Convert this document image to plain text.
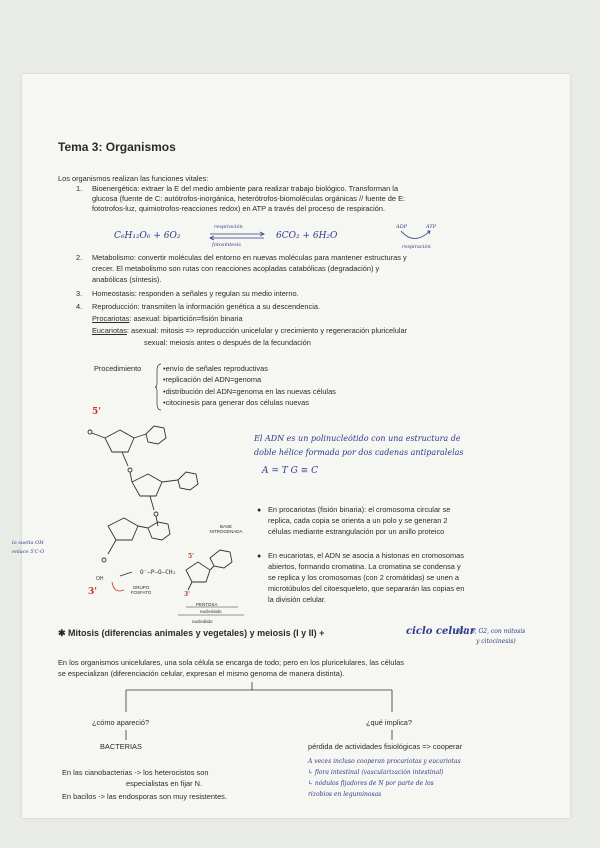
Tema 3: Organismos
Los organismos realizan las funciones vitales:
1. Bioenergética: extraer la E del medio ambiente para realizar trabajo biológico. Transforman la
glucosa (fuente de C: autótrofos-inorgánica, heterótrofos-biomoléculas orgánicas // fuente de E:
fototrofos-luz, quimiotrofos-reacciones redox) en ATP a través del proceso de respiración.
C₆H₁₂O₆ + 6O₂
respiración
fotosíntesis
6CO₂ + 6H₂O
ADP	ATP
respiración
2. Metabolismo: convertir moléculas del entorno en nuevas moléculas para mantener estructuras y
crecer. El metabolismo son rutas con reacciones acopladas catabólicas (degradación) y
anabólicas (síntesis).
3. Homeostasis: responden a señales y regulan su medio interno.
4. Reproducción: transmiten la información genética a su descendencia.
Procariotas: asexual: bipartición=fisión binaria
Eucariotas: asexual: mitosis => reproducción unicelular y crecimiento y regeneración pluricelular
sexual: meiosis antes o después de la fecundación
Procedimiento	•envío de señales reproductivas
•replicación del ADN=genoma
•distribución del ADN=genoma en las nuevas células
•citocinesis para generar dos células nuevas
5'
OH
O⁻–P–O–CH₂
3'
5'
3'
lo suelta OH
enlace 5'C-O
BASE NITROGENADA
GRUPO FOSFATO
PENTOSA
nucleósido
nucleótido
El ADN es un polinucleótido con una estructura de
doble hélice formada por dos cadenas antiparalelas
A = T G ≡ C
● En procariotas (fisión binaria): el cromosoma circular se
replica, cada copia se orienta a un polo y se generan 2
células mediante estrangulación por un anillo proteico
● En eucariotas, el ADN se asocia a histonas en cromosomas
abiertos, formando cromatina. La cromatina se condensa y
se replica y los cromosomas (con 2 cromátidas) se unen a
microtúbulos del citoesqueleto, que separarán las copias en
la división celular.
✱ Mitosis (diferencias animales y vegetales) y meiosis (I y II) +	ciclo celular
(G1, S, G2, con mitosis
y citocinesis)
En los organismos unicelulares, una sola célula se encarga de todo; pero en los pluricelulares, las células
se especializan (diferenciación celular, expresan el mismo genoma de manera distinta).
¿cómo apareció?	¿qué implica?
BACTERIAS	pérdida de actividades fisiológicas => cooperar
En las cianobacterias -> los heterocistos son
especialistas en fijar N.
En bacilos -> las endosporas son muy resistentes.
A veces incluso cooperan procariotas y eucariotas
↳ flora intestinal (vascularización intestinal)
↳ nódulos fijadores de N por parte de los
rizobios en leguminosas
